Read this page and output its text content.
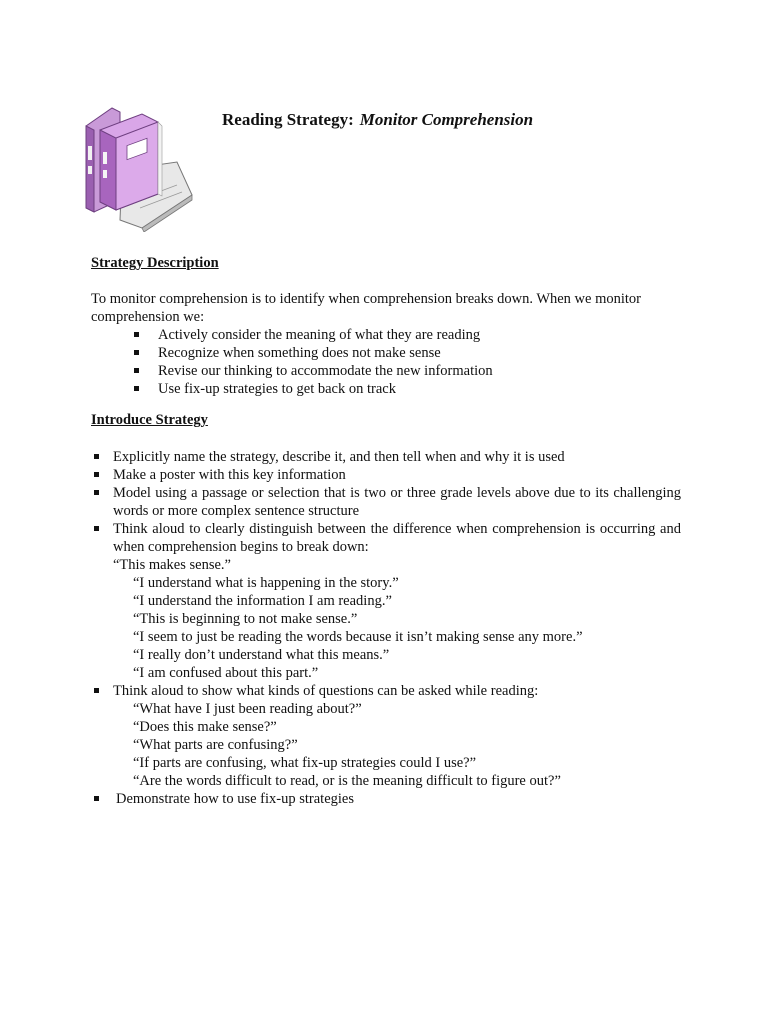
Reading Strategy: Monitor Comprehension
Strategy Description
To monitor comprehension is to identify when comprehension breaks down. When we monitor comprehension we:
Actively consider the meaning of what they are reading
Recognize when something does not make sense
Revise our thinking to accommodate the new information
Use fix-up strategies to get back on track
Introduce Strategy
Explicitly name the strategy, describe it, and then tell when and why it is used
Make a poster with this key information
Model using a passage or selection that is two or three grade levels above due to its challenging words or more complex sentence structure
Think aloud to clearly distinguish between the difference when comprehension is occurring and when comprehension begins to break down:
“This makes sense.”
“I understand what is happening in the story.”
“I understand the information I am reading.”
“This is beginning to not make sense.”
“I seem to just be reading the words because it isn’t making sense any more.”
“I really don’t understand what this means.”
“I am confused about this part.”
Think aloud to show what kinds of questions can be asked while reading:
“What have I just been reading about?”
“Does this make sense?”
“What parts are confusing?”
“If parts are confusing, what fix-up strategies could I use?”
“Are the words difficult to read, or is the meaning difficult to figure out?”
Demonstrate how to use fix-up strategies
